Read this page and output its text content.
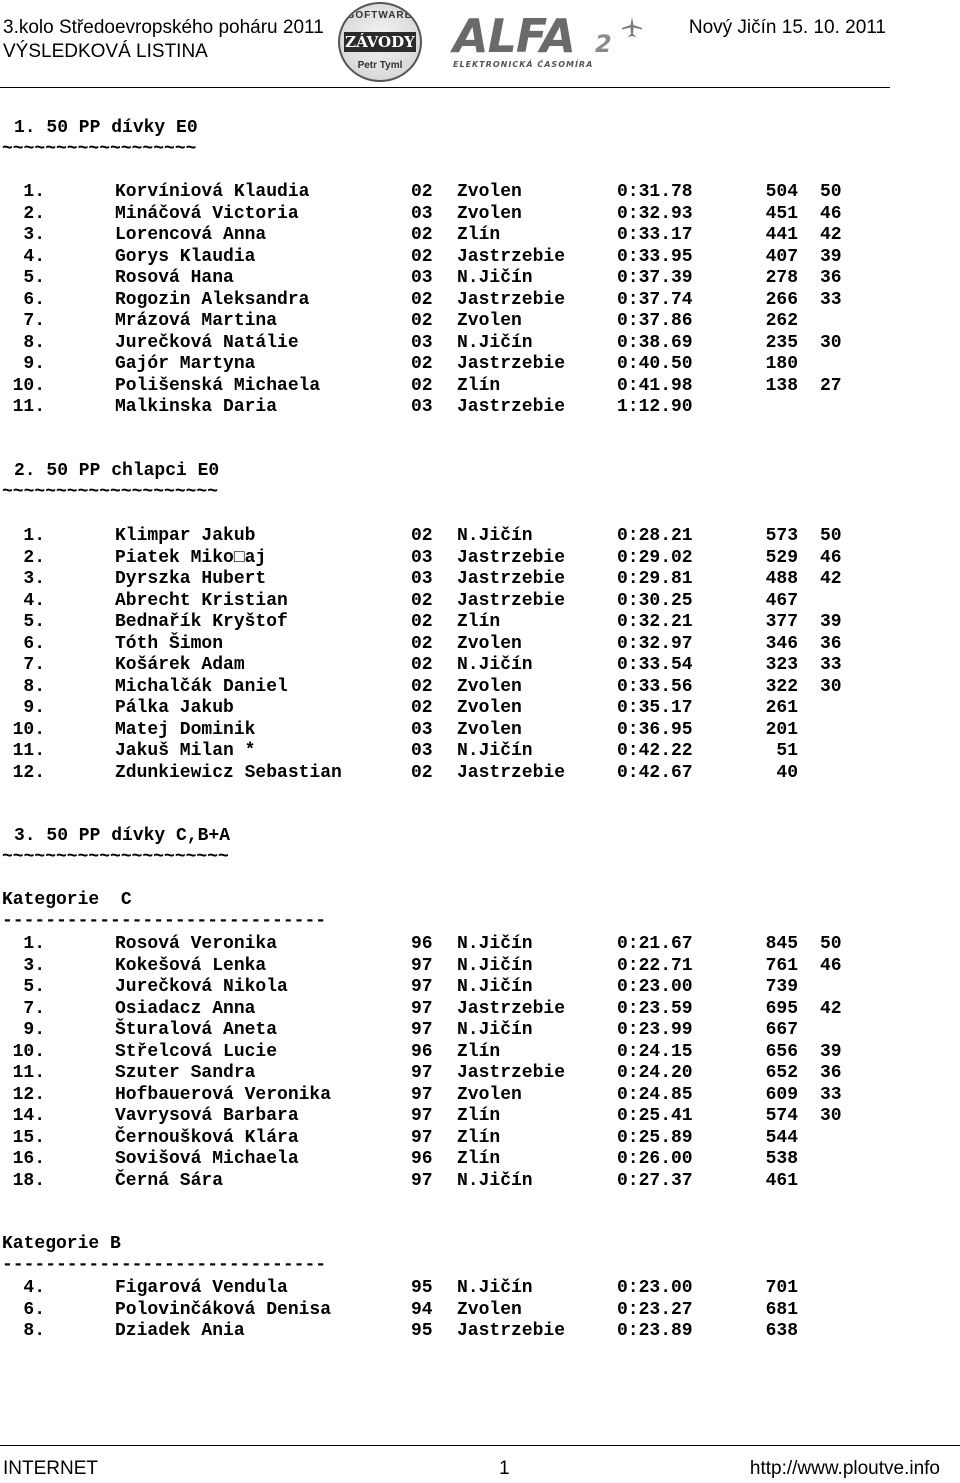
3.kolo Středoevropského poháru 2011
VÝSLEDKOVÁ LISTINA
Nový Jičín 15. 10. 2011
SOFTWARE
ZÁVODY
Petr Tyml
ALFA 2
ELEKTRONICKÁ ČASOMÍRA
1. 50 PP dívky E0
~~~~~~~~~~~~~~~~~~
1.	Korvíniová Klaudia	02 Zvolen	0:31.78	504 50
2.	Mináčová Victoria	03 Zvolen	0:32.93	451 46
3.	Lorencová Anna	02 Zlín	0:33.17	441 42
4.	Gorys Klaudia	02 Jastrzebie	0:33.95	407 39
5.	Rosová Hana	03 N.Jičín	0:37.39	278 36
6.	Rogozin Aleksandra	02 Jastrzebie	0:37.74	266 33
7.	Mrázová Martina	02 Zvolen	0:37.86	262
8.	Jurečková Natálie	03 N.Jičín	0:38.69	235 30
9.	Gajór Martyna	02 Jastrzebie	0:40.50	180
10.	Polišenská Michaela	02 Zlín	0:41.98	138 27
11.	Malkinska Daria	03 Jastrzebie	1:12.90
2. 50 PP chlapci E0
~~~~~~~~~~~~~~~~~~~~
1.	Klimpar Jakub	02 N.Jičín	0:28.21	573 50
2.	Piatek Miko□aj	03 Jastrzebie	0:29.02	529 46
3.	Dyrszka Hubert	03 Jastrzebie	0:29.81	488 42
4.	Abrecht Kristian	02 Jastrzebie	0:30.25	467
5.	Bednařík Kryštof	02 Zlín	0:32.21	377 39
6.	Tóth Šimon	02 Zvolen	0:32.97	346 36
7.	Košárek Adam	02 N.Jičín	0:33.54	323 33
8.	Michalčák Daniel	02 Zvolen	0:33.56	322 30
9.	Pálka Jakub	02 Zvolen	0:35.17	261
10.	Matej Dominik	03 Zvolen	0:36.95	201
11.	Jakuš Milan *	03 N.Jičín	0:42.22	51
12.	Zdunkiewicz Sebastian	02 Jastrzebie	0:42.67	40
3. 50 PP dívky C,B+A
~~~~~~~~~~~~~~~~~~~~~
Kategorie  C
------------------------------
1.	Rosová Veronika	96 N.Jičín	0:21.67	845 50
3.	Kokešová Lenka	97 N.Jičín	0:22.71	761 46
5.	Jurečková Nikola	97 N.Jičín	0:23.00	739
7.	Osiadacz Anna	97 Jastrzebie	0:23.59	695 42
9.	Šturalová Aneta	97 N.Jičín	0:23.99	667
10.	Střelcová Lucie	96 Zlín	0:24.15	656 39
11.	Szuter Sandra	97 Jastrzebie	0:24.20	652 36
12.	Hofbauerová Veronika	97 Zvolen	0:24.85	609 33
14.	Vavrysová Barbara	97 Zlín	0:25.41	574 30
15.	Černoušková Klára	97 Zlín	0:25.89	544
16.	Sovišová Michaela	96 Zlín	0:26.00	538
18.	Černá Sára	97 N.Jičín	0:27.37	461
Kategorie B
------------------------------
4.	Figarová Vendula	95 N.Jičín	0:23.00	701
6.	Polovinčáková Denisa	94 Zvolen	0:23.27	681
8.	Dziadek Ania	95 Jastrzebie	0:23.89	638
INTERNET	1	http://www.ploutve.info
